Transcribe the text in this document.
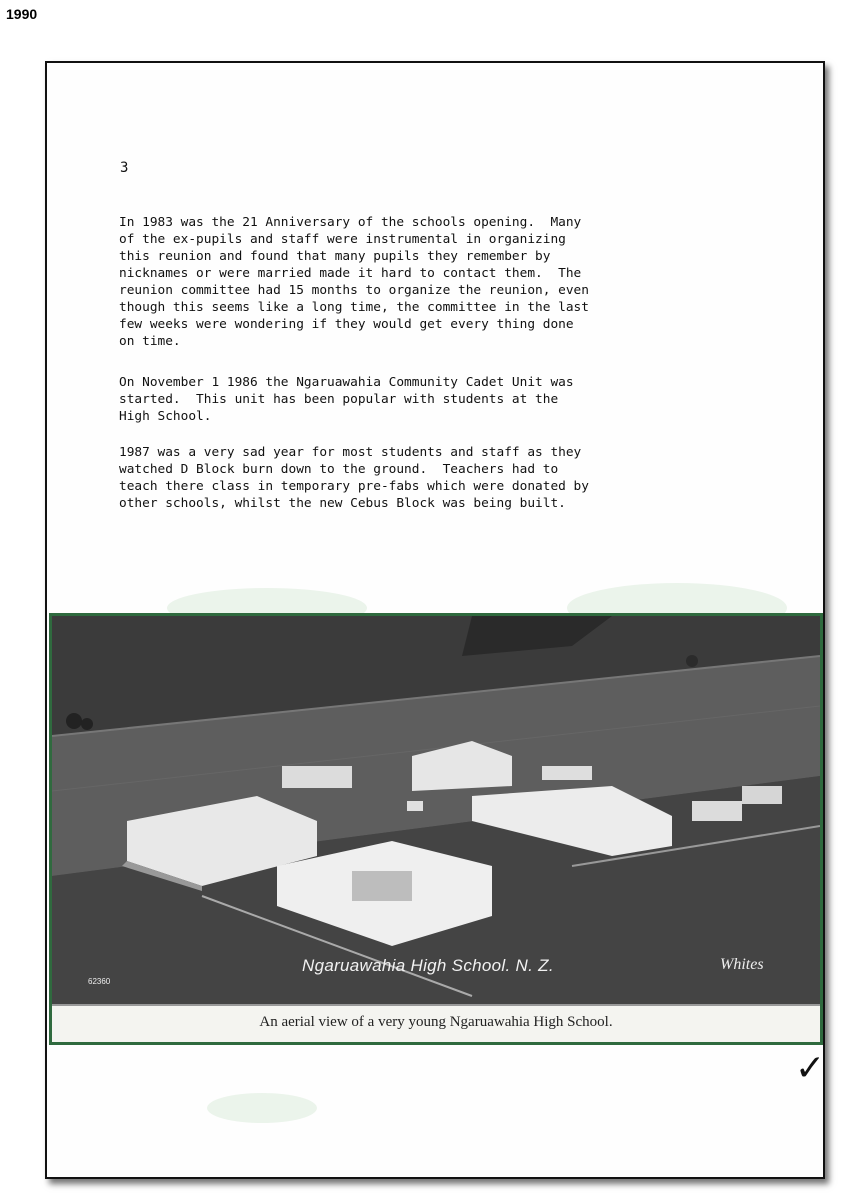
1990
3
In 1983 was the 21 Anniversary of the schools opening.  Many
of the ex-pupils and staff were instrumental in organizing
this reunion and found that many pupils they remember by
nicknames or were married made it hard to contact them.  The
reunion committee had 15 months to organize the reunion, even
though this seems like a long time, the committee in the last
few weeks were wondering if they would get every thing done
on time.
On November 1 1986 the Ngaruawahia Community Cadet Unit was
started.  This unit has been popular with students at the
High School.
1987 was a very sad year for most students and staff as they
watched D Block burn down to the ground.  Teachers had to
teach there class in temporary pre-fabs which were donated by
other schools, whilst the new Cebus Block was being built.
Ngaruawahia High School. N. Z.
62360
Whites
An aerial view of a very young Ngaruawahia High School.
✓
